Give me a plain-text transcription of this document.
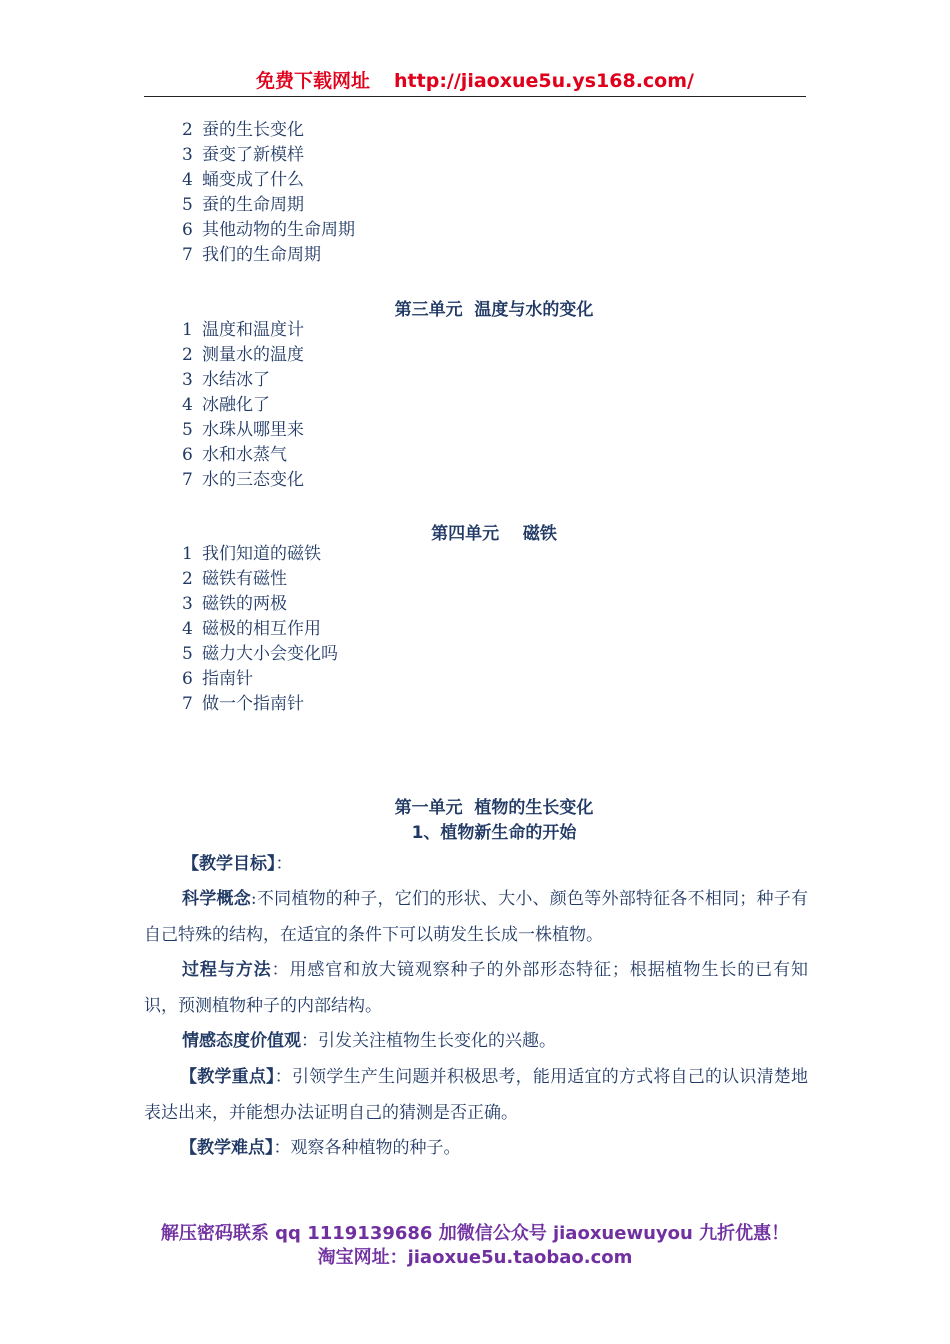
免费下载网址 http://jiaoxue5u.ys168.com/
2 蚕的生长变化
3 蚕变了新模样
4 蛹变成了什么
5 蚕的生命周期
6 其他动物的生命周期
7 我们的生命周期
第三单元  温度与水的变化
1 温度和温度计
2 测量水的温度
3 水结冰了
4 冰融化了
5 水珠从哪里来
6 水和水蒸气
7 水的三态变化
第四单元    磁铁
1 我们知道的磁铁
2 磁铁有磁性
3 磁铁的两极
4 磁极的相互作用
5 磁力大小会变化吗
6 指南针
7 做一个指南针
第一单元  植物的生长变化
1、植物新生命的开始

【教学目标】：

科学概念:不同植物的种子，它们的形状、大小、颜色等外部特征各不相同；种子有自己特殊的结构，在适宜的条件下可以萌发生长成一株植物。

过程与方法：用感官和放大镜观察种子的外部形态特征；根据植物生长的已有知识，预测植物种子的内部结构。

情感态度价值观：引发关注植物生长变化的兴趣。

【教学重点】：引领学生产生问题并积极思考，能用适宜的方式将自己的认识清楚地表达出来，并能想办法证明自己的猜测是否正确。

【教学难点】：观察各种植物的种子。

解压密码联系 qq 1119139686 加微信公众号 jiaoxuewuyou 九折优惠！
淘宝网址：jiaoxue5u.taobao.com
